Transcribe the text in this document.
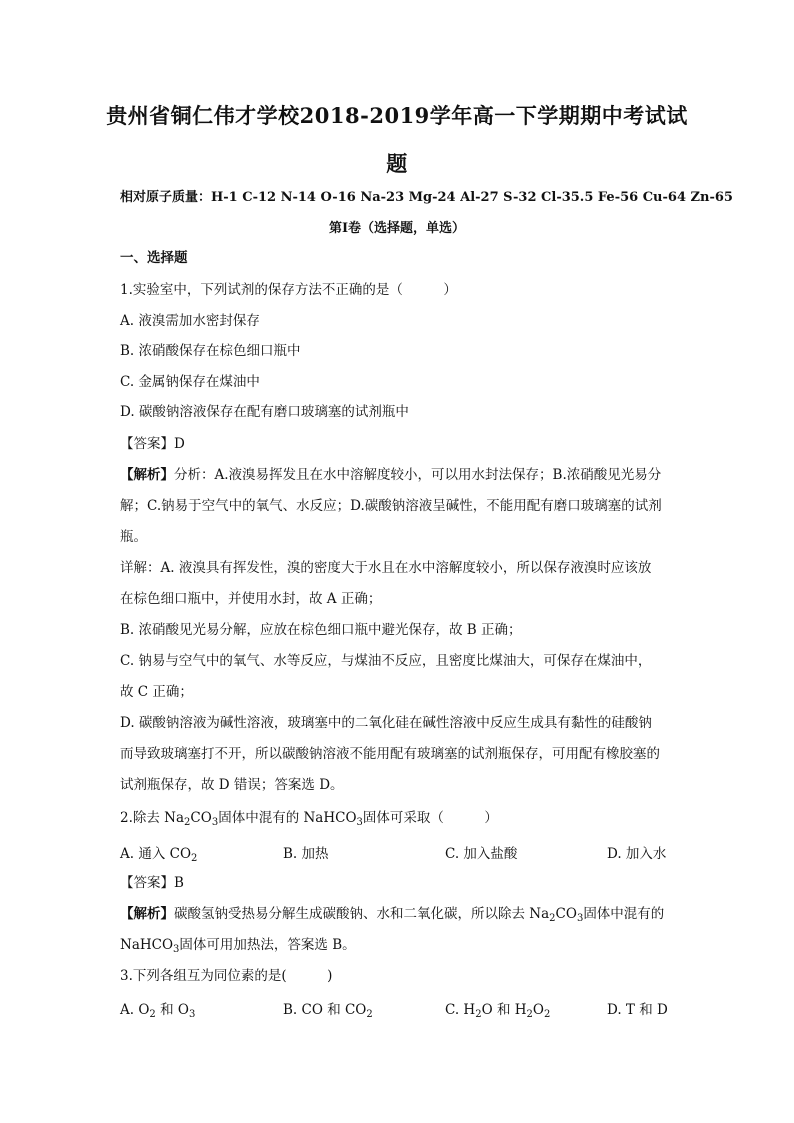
贵州省铜仁伟才学校2018-2019学年高一下学期期中考试试
题
相对原子质量：H-1 C-12 N-14 O-16 Na-23 Mg-24 Al-27 S-32 Cl-35.5 Fe-56 Cu-64 Zn-65
第Ⅰ卷（选择题，单选）
一、选择题
1.实验室中，下列试剂的保存方法不正确的是（　　　）
A. 液溴需加水密封保存
B. 浓硝酸保存在棕色细口瓶中
C. 金属钠保存在煤油中
D. 碳酸钠溶液保存在配有磨口玻璃塞的试剂瓶中
【答案】D
【解析】分析：A.液溴易挥发且在水中溶解度较小，可以用水封法保存；B.浓硝酸见光易分
解；C.钠易于空气中的氧气、水反应；D.碳酸钠溶液呈碱性，不能用配有磨口玻璃塞的试剂
瓶。
详解：A. 液溴具有挥发性，溴的密度大于水且在水中溶解度较小，所以保存液溴时应该放
在棕色细口瓶中，并使用水封，故 A 正确；
B. 浓硝酸见光易分解，应放在棕色细口瓶中避光保存，故 B 正确；
C. 钠易与空气中的氧气、水等反应，与煤油不反应，且密度比煤油大，可保存在煤油中，
故 C 正确；
D. 碳酸钠溶液为碱性溶液，玻璃塞中的二氧化硅在碱性溶液中反应生成具有黏性的硅酸钠
而导致玻璃塞打不开，所以碳酸钠溶液不能用配有玻璃塞的试剂瓶保存，可用配有橡胶塞的
试剂瓶保存，故 D 错误；答案选 D。
2.除去 $Na_2CO_3$固体中混有的 NaHCO$_3$固体可采取（　　　）
A. 通入 $CO_2$	B. 加热	C. 加入盐酸	D. 加入水
【答案】B
【解析】碳酸氢钠受热易分解生成碳酸钠、水和二氧化碳，所以除去 $Na_2CO_3$固体中混有的
NaHCO$_3$固体可用加热法，答案选 B。
3.下列各组互为同位素的是(　　　)
A. $O_2$ 和 $O_3$	B. CO 和 $CO_2$	C. $H_2O$ 和 $H_2O_2$	D. T 和 D
